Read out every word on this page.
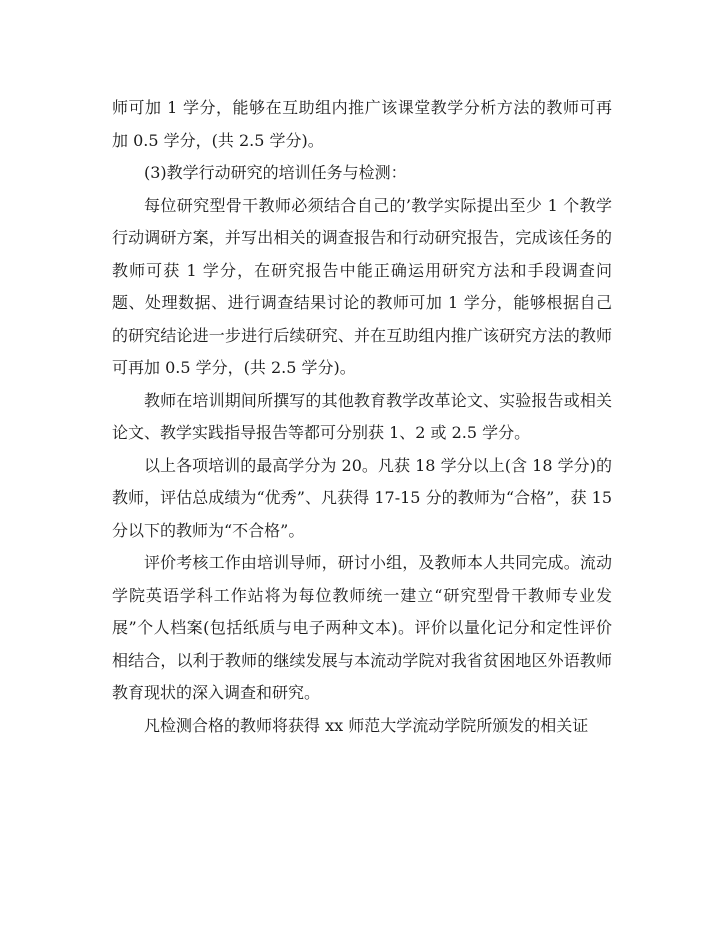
师可加 1 学分，能够在互助组内推广该课堂教学分析方法的教师可再加 0.5 学分，(共 2.5 学分)。

(3)教学行动研究的培训任务与检测：

每位研究型骨干教师必须结合自己的’教学实际提出至少 1 个教学行动调研方案，并写出相关的调查报告和行动研究报告，完成该任务的教师可获 1 学分，在研究报告中能正确运用研究方法和手段调查问题、处理数据、进行调查结果讨论的教师可加 1 学分，能够根据自己的研究结论进一步进行后续研究、并在互助组内推广该研究方法的教师可再加 0.5 学分，(共 2.5 学分)。

教师在培训期间所撰写的其他教育教学改革论文、实验报告或相关论文、教学实践指导报告等都可分别获 1、2 或 2.5 学分。

以上各项培训的最高学分为 20。凡获 18 学分以上(含 18 学分)的教师，评估总成绩为“优秀”、凡获得 17-15 分的教师为“合格”，获 15 分以下的教师为“不合格”。

评价考核工作由培训导师，研讨小组，及教师本人共同完成。流动学院英语学科工作站将为每位教师统一建立“研究型骨干教师专业发展”个人档案(包括纸质与电子两种文本)。评价以量化记分和定性评价相结合，以利于教师的继续发展与本流动学院对我省贫困地区外语教师教育现状的深入调查和研究。

凡检测合格的教师将获得 xx 师范大学流动学院所颁发的相关证
